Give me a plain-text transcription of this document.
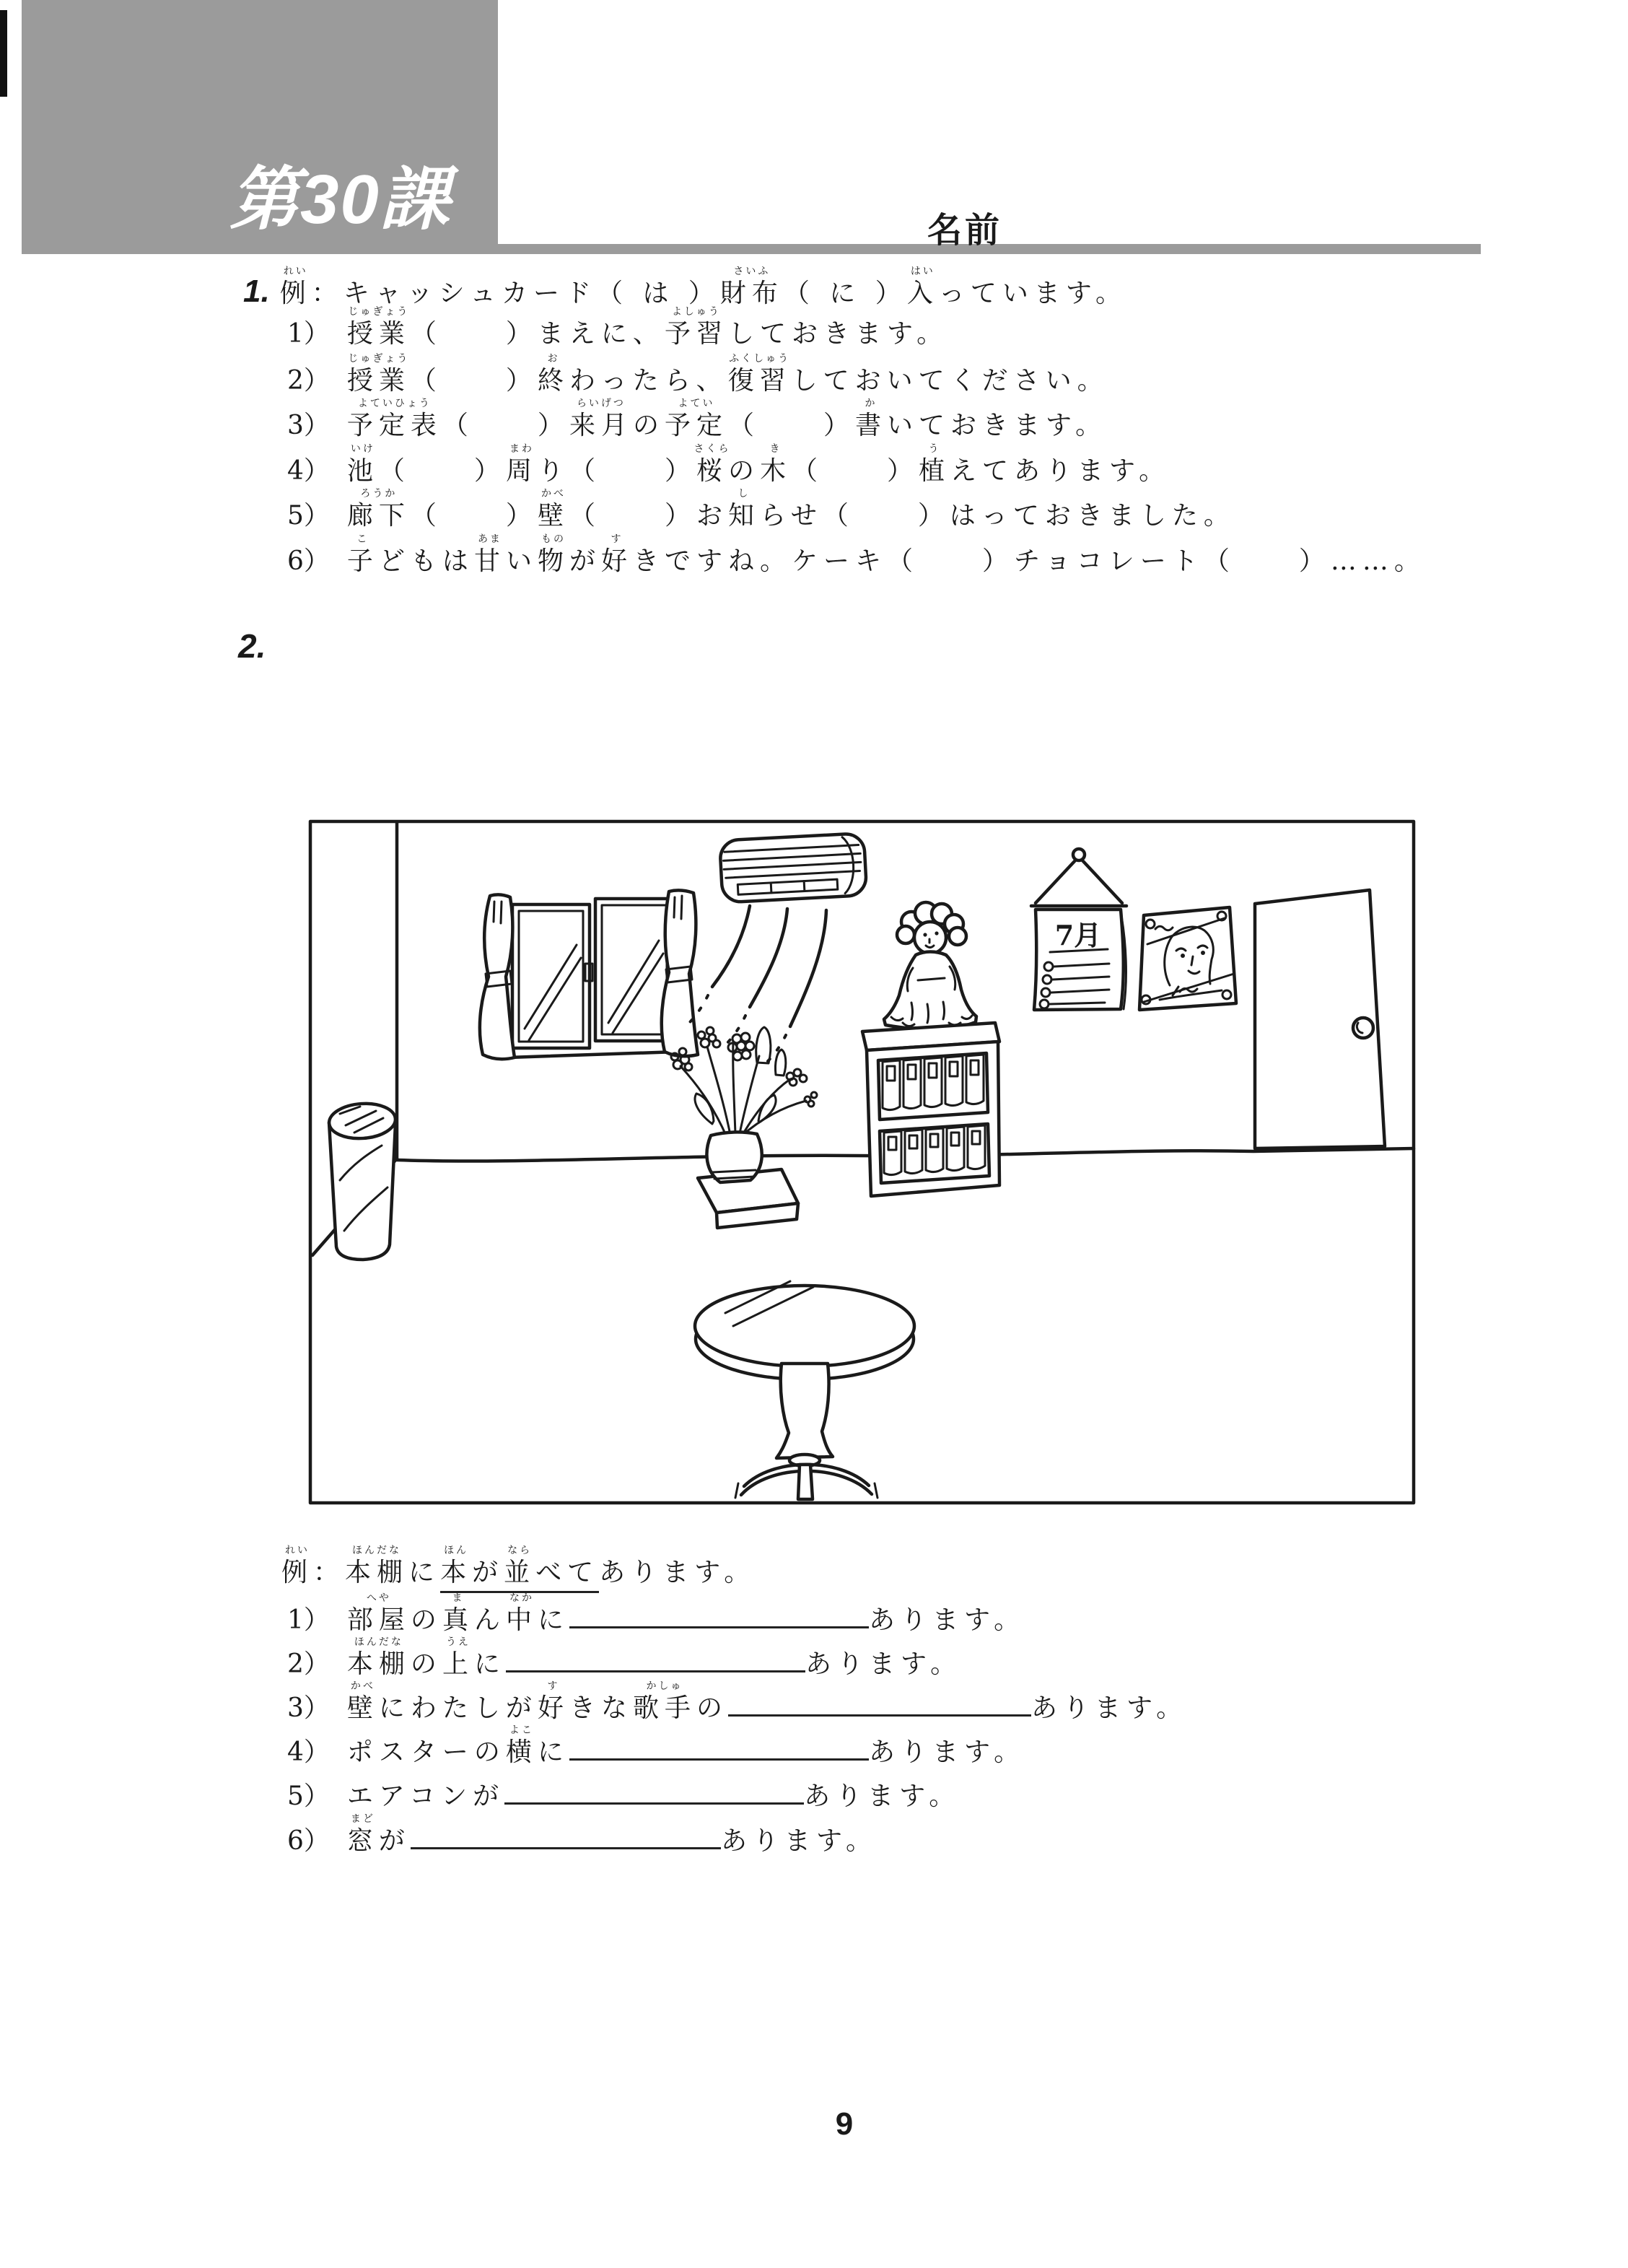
第30課	名前
1.
れい
例：キャッシュカード（ は ）
さいふ
財布（ に ）
はい
入っています。
1）
じゅぎょう
授業（　　）まえに、
よしゅう
予習しておきます。
2）
じゅぎょう
授業（　　）
お
終わったら、
ふくしゅう
復習しておいてください。
3）
よていひょう
予定表（　　）
らいげつ
来月の
よてい
予定（　　）
か
書いておきます。
4）
いけ
池（　　）
まわ
周り（　　）
さくら
桜の
き
木（　　）
う
植えてあります。
5）
ろうか
廊下（　　）
かべ
壁（　　）お
し
知らせ（　　）はっておきました。
6）
こ
子どもは
あま
甘い
もの
物が
す
好きですね。ケーキ（　　）チョコレート（　　）……。
2.
7月
れい
例：
ほんだな
本棚に
ほん
本が
なら
並べてあります。
1）
へや
部屋の
ま
真ん
なか
中に	あります。
2）
ほんだな
本棚の
うえ
上に	あります。
3）
かべ
壁にわたしが
す
好きな
かしゅ
歌手の	あります。
4） ポスターの
よこ
横に	あります。
5） エアコンが	あります。
6）
まど
窓が	あります。
9
